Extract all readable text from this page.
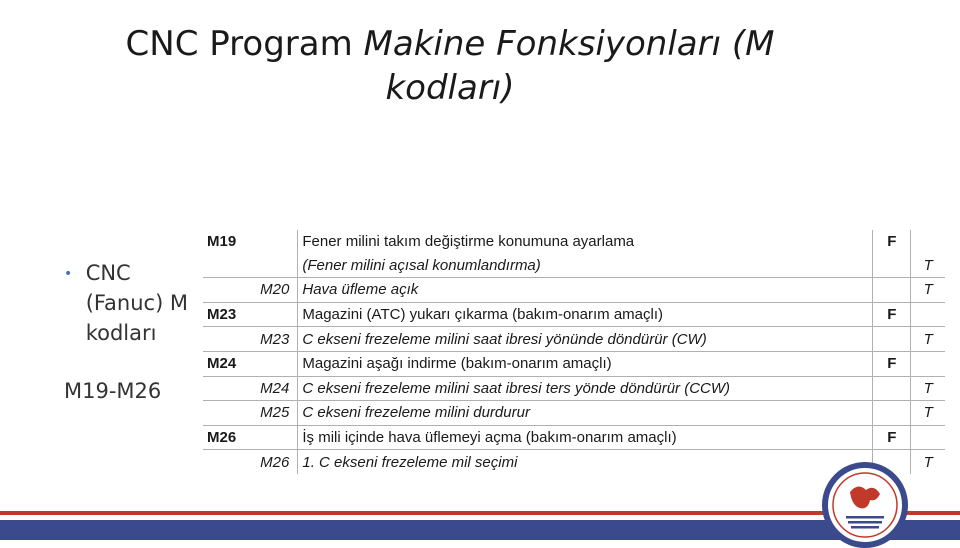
CNC Program Makine Fonksiyonları (M
kodları)
• CNC (Fanuc) M kodları
M19-M26
M19	Fener milini takım değiştirme konumuna ayarlama	F	
	(Fener milini açısal konumlandırma)		T
M20	Hava üfleme açık		T
M23	Magazini (ATC) yukarı çıkarma (bakım-onarım amaçlı)	F	
M23	C ekseni frezeleme milini saat ibresi yönünde döndürür (CW)		T
M24	Magazini aşağı indirme (bakım-onarım amaçlı)	F	
M24	C ekseni frezeleme milini saat ibresi ters yönde döndürür (CCW)		T
M25	C ekseni frezeleme milini durdurur		T
M26	İş mili içinde hava üflemeyi açma (bakım-onarım amaçlı)	F	
M26	1. C ekseni frezeleme mil seçimi		T
